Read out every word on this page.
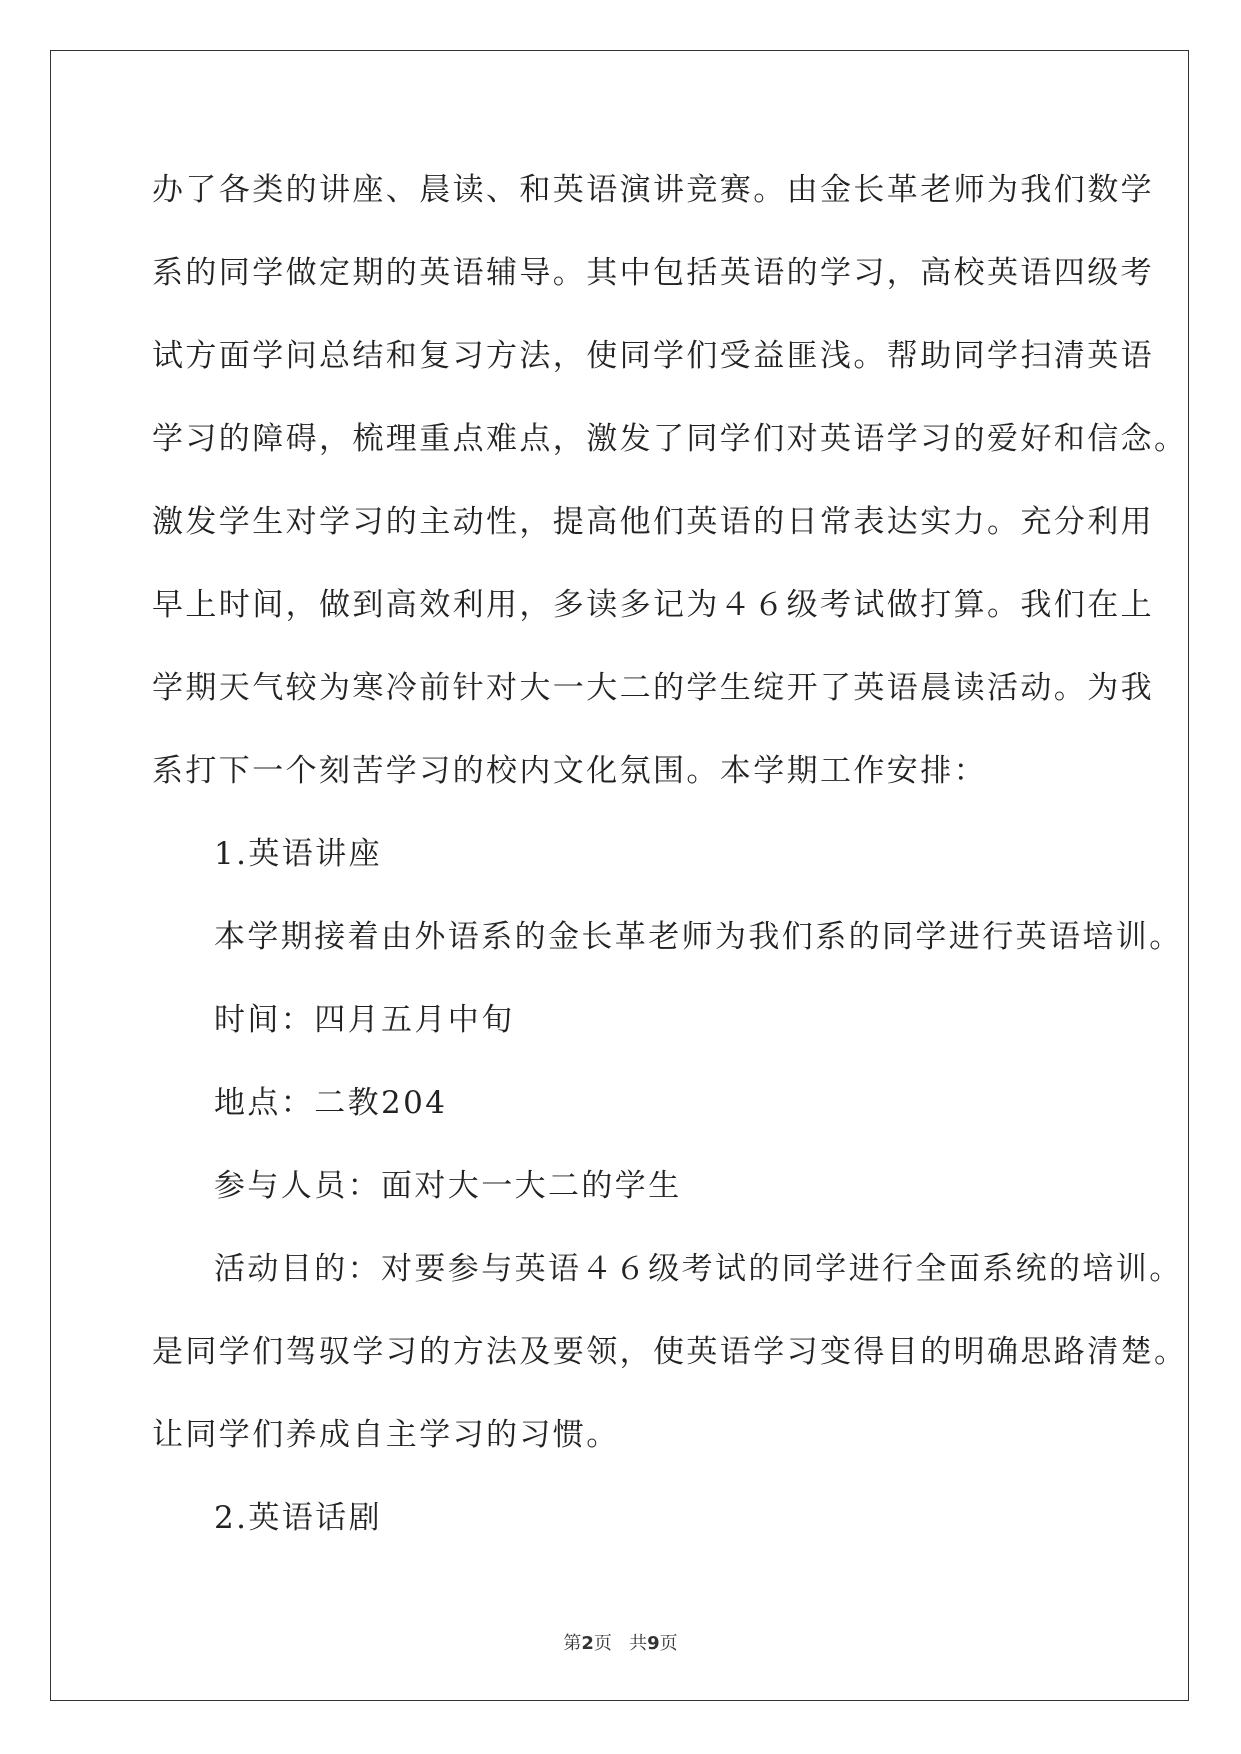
办了各类的讲座、晨读、和英语演讲竞赛。由金长革老师为我们数学
系的同学做定期的英语辅导。其中包括英语的学习，高校英语四级考
试方面学问总结和复习方法，使同学们受益匪浅。帮助同学扫清英语
学习的障碍，梳理重点难点，激发了同学们对英语学习的爱好和信念。
激发学生对学习的主动性，提高他们英语的日常表达实力。充分利用
早上时间，做到高效利用，多读多记为４６级考试做打算。我们在上
学期天气较为寒冷前针对大一大二的学生绽开了英语晨读活动。为我
系打下一个刻苦学习的校内文化氛围。本学期工作安排：
1.英语讲座
本学期接着由外语系的金长革老师为我们系的同学进行英语培训。
时间：四月五月中旬
地点：二教204
参与人员：面对大一大二的学生
活动目的：对要参与英语４６级考试的同学进行全面系统的培训。
是同学们驾驭学习的方法及要领，使英语学习变得目的明确思路清楚。
让同学们养成自主学习的习惯。
2.英语话剧
第2页 共9页
